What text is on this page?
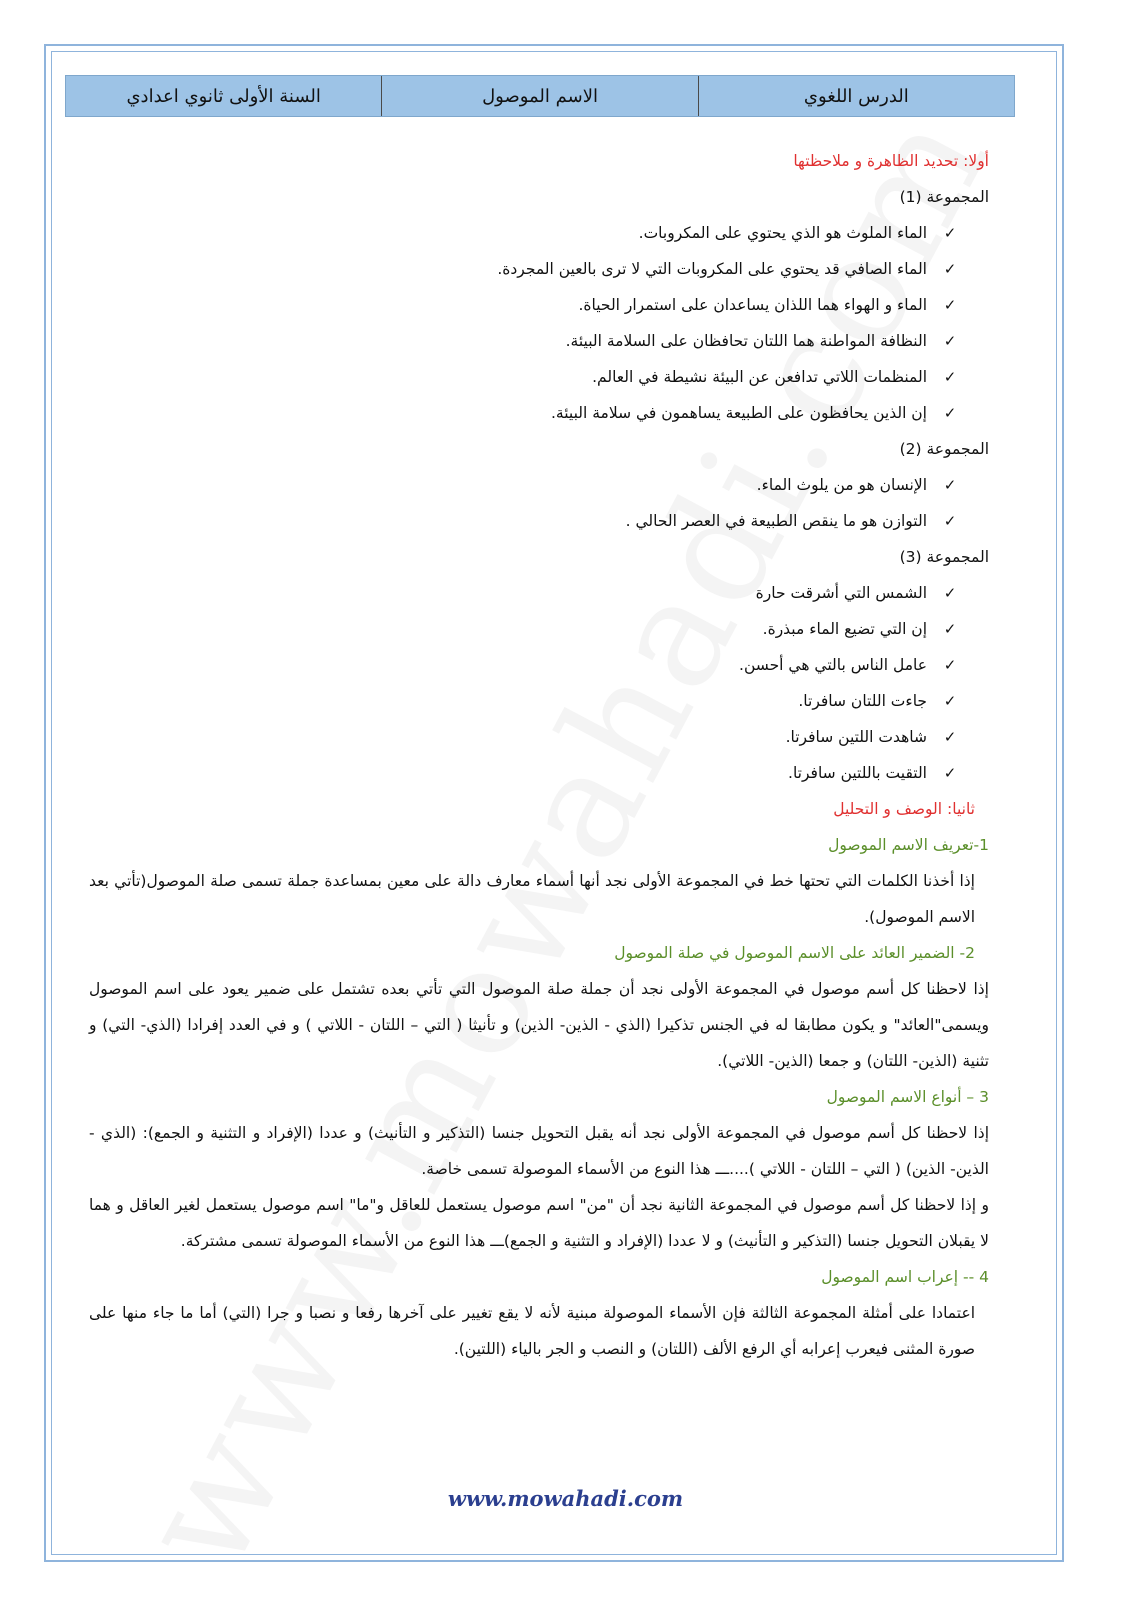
الدرس اللغوي
الاسم الموصول
السنة الأولى ثانوي اعدادي

أولا: تحديد الظاهرة و ملاحظتها

المجموعة (1)

✓
الماء الملوث هو الذي يحتوي على المكروبات.

✓
الماء الصافي قد يحتوي على المكروبات التي لا ترى بالعين المجردة.

✓
الماء و الهواء هما اللذان يساعدان على استمرار الحياة.

✓
النظافة المواطنة هما اللتان تحافظان على السلامة البيئة.

✓
المنظمات اللاتي تدافعن عن البيئة نشيطة في العالم.

✓
إن الذين يحافظون على الطبيعة يساهمون في سلامة البيئة.

المجموعة (2)

✓
الإنسان هو من يلوث الماء.

✓
التوازن هو ما ينقص الطبيعة في العصر الحالي .

المجموعة (3)

✓
الشمس التي أشرقت حارة

✓
إن التي تضيع الماء مبذرة.

✓
عامل الناس بالتي هي أحسن.

✓
جاءت اللتان سافرتا.

✓
شاهدت اللتين سافرتا.

✓
التقيت باللتين سافرتا.

ثانيا: الوصف و التحليل

1-تعريف الاسم الموصول

إذا أخذنا الكلمات التي تحتها خط في المجموعة الأولى نجد أنها أسماء معارف دالة على معين بمساعدة جملة تسمى صلة الموصول(تأتي بعد الاسم الموصول).

2- الضمير العائد على الاسم الموصول في صلة الموصول

إذا لاحظنا كل أسم موصول في المجموعة الأولى نجد أن جملة صلة الموصول التي تأتي بعده تشتمل على ضمير يعود على اسم الموصول ويسمى"العائد" و يكون مطابقا له في الجنس تذكيرا (الذي - الذين- الذين) و تأنيثا ( التي – اللتان - اللاتي ) و في العدد إفرادا (الذي- التي) و تثنية (الذين- اللتان) و جمعا (الذين- اللاتي).

3 – أنواع الاسم الموصول

إذا لاحظنا كل أسم موصول في المجموعة الأولى نجد أنه يقبل التحويل جنسا (التذكير و التأنيث) و عددا (الإفراد و التثنية و الجمع): (الذي - الذين- الذين) ( التي – اللتان - اللاتي )....ـــ هذا النوع من الأسماء الموصولة تسمى خاصة.

و إذا لاحظنا كل أسم موصول في المجموعة الثانية نجد أن "من" اسم موصول يستعمل للعاقل و"ما" اسم موصول يستعمل لغير العاقل و هما لا يقبلان التحويل جنسا (التذكير و التأنيث) و لا عددا (الإفراد و التثنية و الجمع)ـــ هذا النوع من الأسماء الموصولة تسمى مشتركة.

4 -- إعراب اسم الموصول

اعتمادا على أمثلة المجموعة الثالثة فإن الأسماء الموصولة مبنية لأنه لا يقع تغيير على آخرها رفعا و نصبا و جرا (التي) أما ما جاء منها على صورة المثنى فيعرب إعرابه أي الرفع الألف (اللتان) و النصب و الجر بالياء (اللتين).

www.mowahadi.com
